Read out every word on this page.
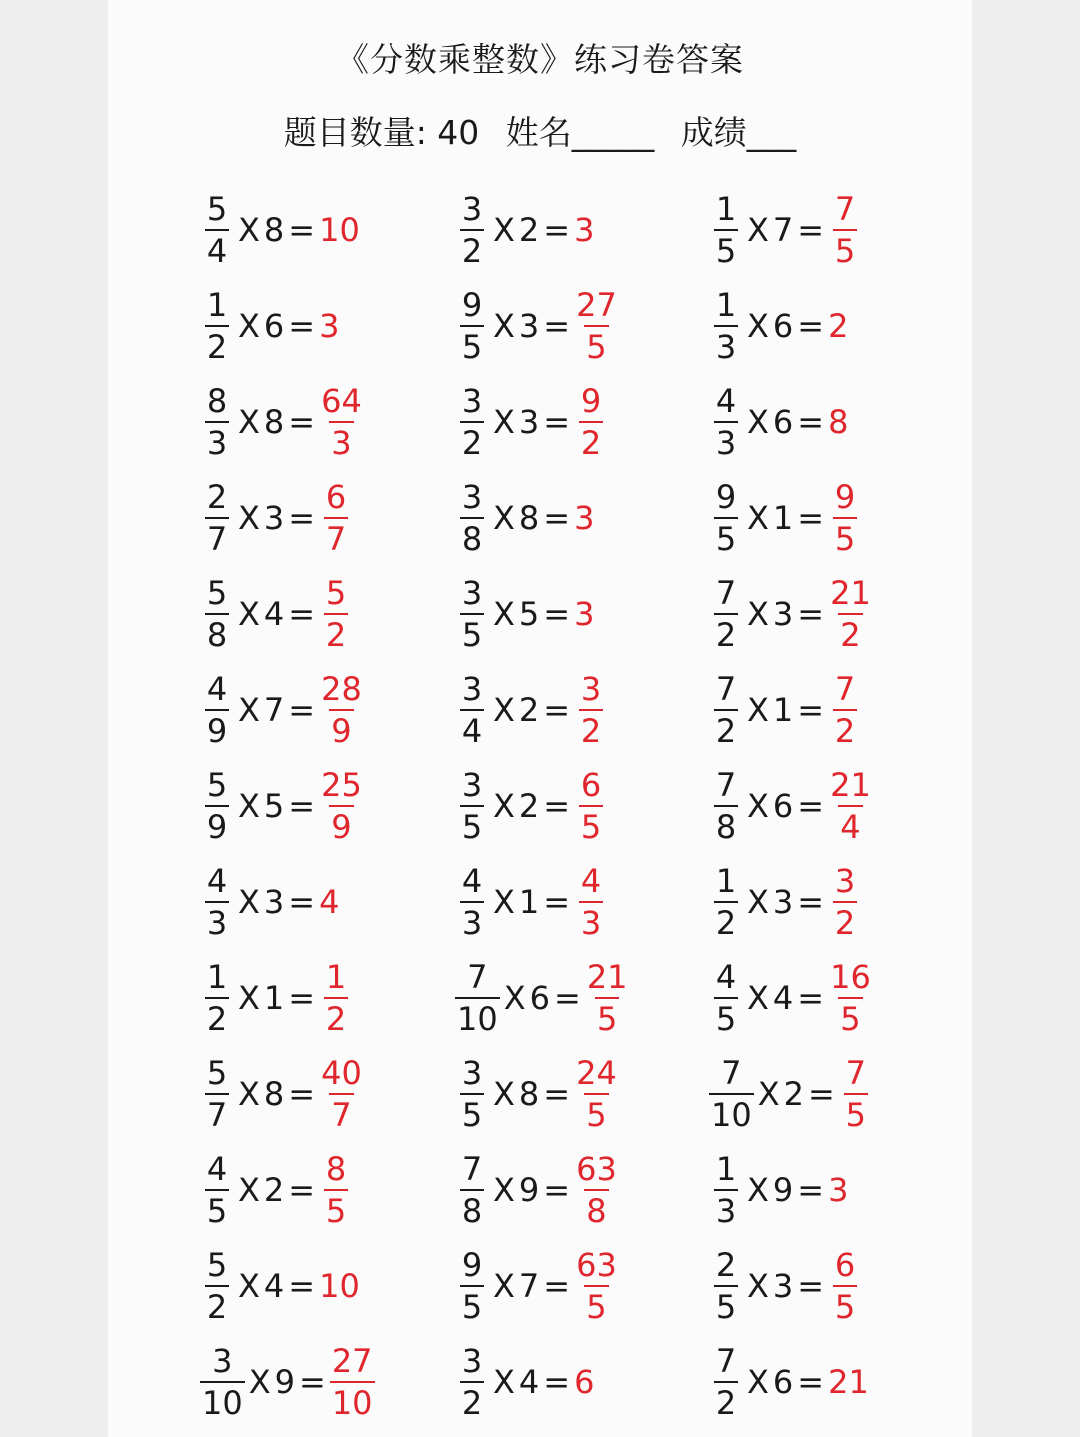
《分数乘整数》练习卷答案
题目数量: 40 姓名_____ 成绩___
$\frac{5}{4}$ X 8 = 10
$\frac{1}{2}$ X 6 = 3
$\frac{8}{3}$ X $8 = \frac{64}{3}$
$\frac{2}{7}$ X $3 = \frac{6}{7}$
$\frac{5}{8}$ X $4 = \frac{5}{2}$
$\frac{4}{9}$ X $7 = \frac{28}{9}$
$\frac{5}{9}$ X $5 = \frac{25}{9}$
$\frac{4}{3}$ X 3 = 4
$\frac{1}{2}$ X $1 = \frac{1}{2}$
$\frac{5}{7}$ X $8 = \frac{40}{7}$
$\frac{4}{5}$ X $2 = \frac{8}{5}$
$\frac{5}{2}$ X 4 = 10
$\frac{3}{10}$ X $9 = \frac{27}{10}$
$\frac{3}{2}$ X 2 = 3
$\frac{9}{5}$ X $3 = \frac{27}{5}$
$\frac{3}{2}$ X $3 = \frac{9}{2}$
$\frac{3}{8}$ X 8 = 3
$\frac{3}{5}$ X 5 = 3
$\frac{3}{4}$ X $2 = \frac{3}{2}$
$\frac{3}{5}$ X $2 = \frac{6}{5}$
$\frac{4}{3}$ X $1 = \frac{4}{3}$
$\frac{7}{10}$ X $6 = \frac{21}{5}$
$\frac{3}{5}$ X $8 = \frac{24}{5}$
$\frac{7}{8}$ X $9 = \frac{63}{8}$
$\frac{9}{5}$ X $7 = \frac{63}{5}$
$\frac{3}{2}$ X 4 = 6
$\frac{1}{5}$ X $7 = \frac{7}{5}$
$\frac{1}{3}$ X 6 = 2
$\frac{4}{3}$ X 6 = 8
$\frac{9}{5}$ X $1 = \frac{9}{5}$
$\frac{7}{2}$ X $3 = \frac{21}{2}$
$\frac{7}{2}$ X $1 = \frac{7}{2}$
$\frac{7}{8}$ X $6 = \frac{21}{4}$
$\frac{1}{2}$ X $3 = \frac{3}{2}$
$\frac{4}{5}$ X $4 = \frac{16}{5}$
$\frac{7}{10}$ X $2 = \frac{7}{5}$
$\frac{1}{3}$ X 9 = 3
$\frac{2}{5}$ X $3 = \frac{6}{5}$
$\frac{7}{2}$ X 6 = 21
